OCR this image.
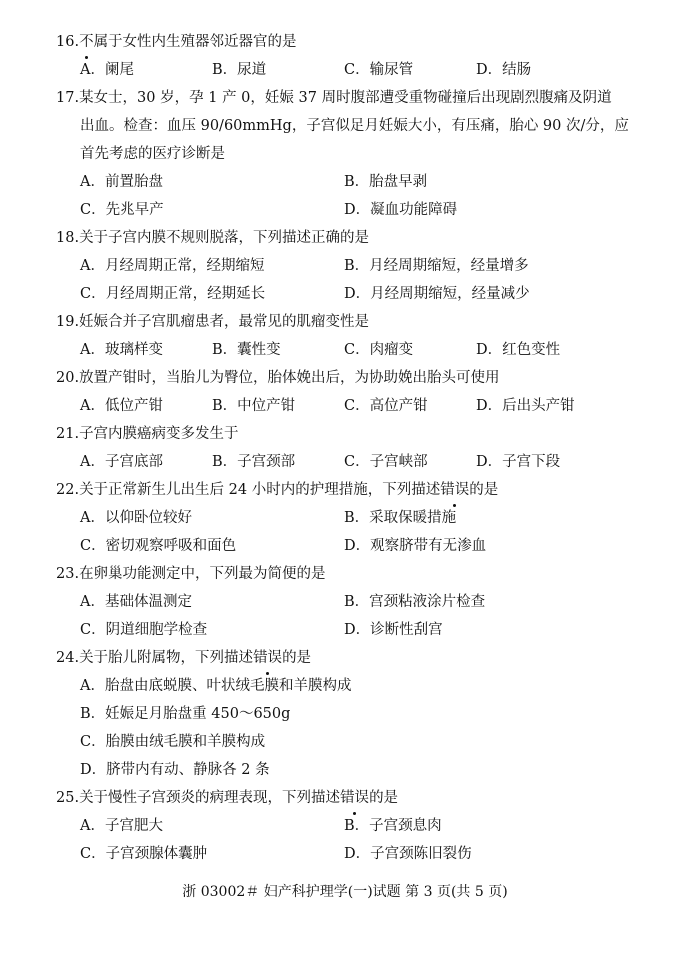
16.不属于女性内生殖器邻近器官的是
A．阑尾	B．尿道	C．输尿管	D．结肠
17.某女士，30 岁，孕 1 产 0，妊娠 37 周时腹部遭受重物碰撞后出现剧烈腹痛及阴道
出血。检查：血压 90/60mmHg，子宫似足月妊娠大小，有压痛，胎心 90 次/分，应
首先考虑的医疗诊断是
A．前置胎盘	B．胎盘早剥
C．先兆早产	D．凝血功能障碍
18.关于子宫内膜不规则脱落，下列描述正确的是
A．月经周期正常，经期缩短	B．月经周期缩短，经量增多
C．月经周期正常，经期延长	D．月经周期缩短，经量减少
19.妊娠合并子宫肌瘤患者，最常见的肌瘤变性是
A．玻璃样变	B．囊性变	C．肉瘤变	D．红色变性
20.放置产钳时，当胎儿为臀位，胎体娩出后，为协助娩出胎头可使用
A．低位产钳	B．中位产钳	C．高位产钳	D．后出头产钳
21.子宫内膜癌病变多发生于
A．子宫底部	B．子宫颈部	C．子宫峡部	D．子宫下段
22.关于正常新生儿出生后 24 小时内的护理措施，下列描述错误的是
A．以仰卧位较好	B．采取保暖措施
C．密切观察呼吸和面色	D．观察脐带有无渗血
23.在卵巢功能测定中，下列最为简便的是
A．基础体温测定	B．宫颈粘液涂片检查
C．阴道细胞学检查	D．诊断性刮宫
24.关于胎儿附属物，下列描述错误的是
A．胎盘由底蜕膜、叶状绒毛膜和羊膜构成
B．妊娠足月胎盘重 450～650g
C．胎膜由绒毛膜和羊膜构成
D．脐带内有动、静脉各 2 条
25.关于慢性子宫颈炎的病理表现，下列描述错误的是
A．子宫肥大	B．子宫颈息肉
C．子宫颈腺体囊肿	D．子宫颈陈旧裂伤
浙 03002＃ 妇产科护理学(一)试题 第 3 页(共 5 页)
